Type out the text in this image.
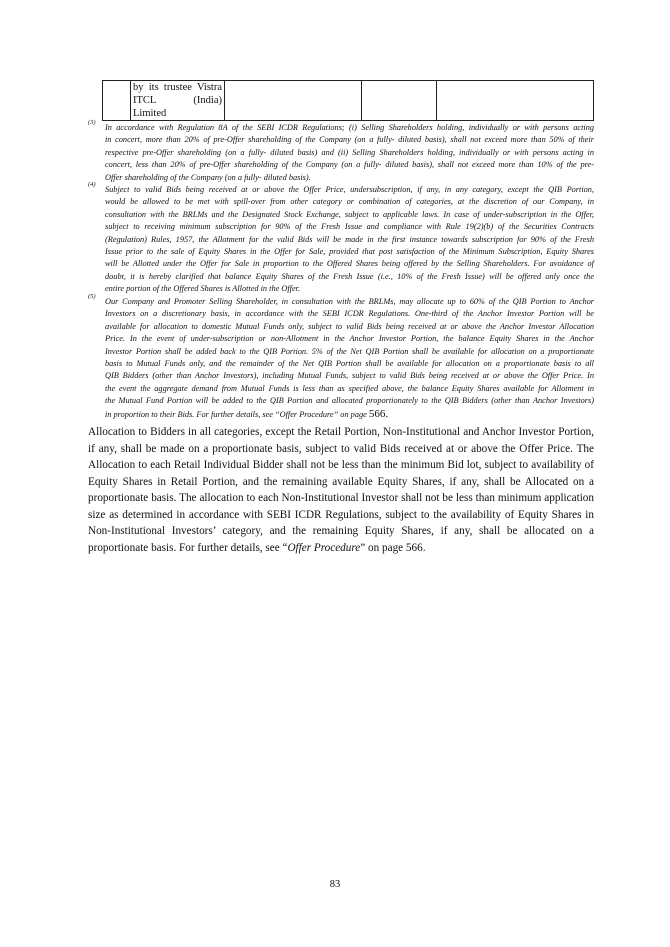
	by its trustee Vistra ITCL (India) Limited			
(3)
In accordance with Regulation 8A of the SEBI ICDR Regulations; (i) Selling Shareholders holding, individually or with persons acting
in concert, more than 20% of pre-Offer shareholding of the Company (on a fully- diluted basis), shall not exceed more than 50% of their
respective pre-Offer shareholding (on a fully- diluted basis) and (ii) Selling Shareholders holding, individually or with persons acting in
concert, less than 20% of pre-Offer shareholding of the Company (on a fully- diluted basis), shall not exceed more than 10% of the pre-
Offer shareholding of the Company (on a fully- diluted basis).
(4)
Subject to valid Bids being received at or above the Offer Price, undersubscription, if any, in any category, except the QIB Portion,
would be allowed to be met with spill-over from other category or combination of categories, at the discretion of our Company, in
consultation with the BRLMs and the Designated Stock Exchange, subject to applicable laws. In case of under-subscription in the Offer,
subject to receiving minimum subscription for 90% of the Fresh Issue and compliance with Rule 19(2)(b) of the Securities Contracts
(Regulation) Rules, 1957, the Allotment for the valid Bids will be made in the first instance towards subscription for 90% of the Fresh
Issue prior to the sale of Equity Shares in the Offer for Sale, provided that post satisfaction of the Minimum Subscription, Equity Shares
will be Allotted under the Offer for Sale in proportion to the Offered Shares being offered by the Selling Shareholders. For avoidance of
doubt, it is hereby clarified that balance Equity Shares of the Fresh Issue (i.e., 10% of the Fresh Issue) will be offered only once the
entire portion of the Offered Shares is Allotted in the Offer.
(5)
Our Company and Promoter Selling Shareholder, in consultation with the BRLMs, may allocate up to 60% of the QIB Portion to Anchor
Investors on a discretionary basis, in accordance with the SEBI ICDR Regulations. One-third of the Anchor Investor Portion will be
available for allocation to domestic Mutual Funds only, subject to valid Bids being received at or above the Anchor Investor Allocation
Price. In the event of under-subscription or non-Allotment in the Anchor Investor Portion, the balance Equity Shares in the Anchor
Investor Portion shall be added back to the QIB Portion. 5% of the Net QIB Portion shall be available for allocation on a proportionate
basis to Mutual Funds only, and the remainder of the Net QIB Portion shall be available for allocation on a proportionate basis to all
QIB Bidders (other than Anchor Investors), including Mutual Funds, subject to valid Bids being received at or above the Offer Price. In
the event the aggregate demand from Mutual Funds is less than as specified above, the balance Equity Shares available for Allotment in
the Mutual Fund Portion will be added to the QIB Portion and allocated proportionately to the QIB Bidders (other than Anchor Investors)
in proportion to their Bids. For further details, see “Offer Procedure” on page 566.
Allocation to Bidders in all categories, except the Retail Portion, Non-Institutional and Anchor Investor Portion,
if any, shall be made on a proportionate basis, subject to valid Bids received at or above the Offer Price. The
Allocation to each Retail Individual Bidder shall not be less than the minimum Bid lot, subject to availability of
Equity Shares in Retail Portion, and the remaining available Equity Shares, if any, shall be Allocated on a
proportionate basis. The allocation to each Non-Institutional Investor shall not be less than minimum application
size as determined in accordance with SEBI ICDR Regulations, subject to the availability of Equity Shares in
Non-Institutional Investors’ category, and the remaining Equity Shares, if any, shall be allocated on a
proportionate basis. For further details, see “Offer Procedure” on page 566.
83
